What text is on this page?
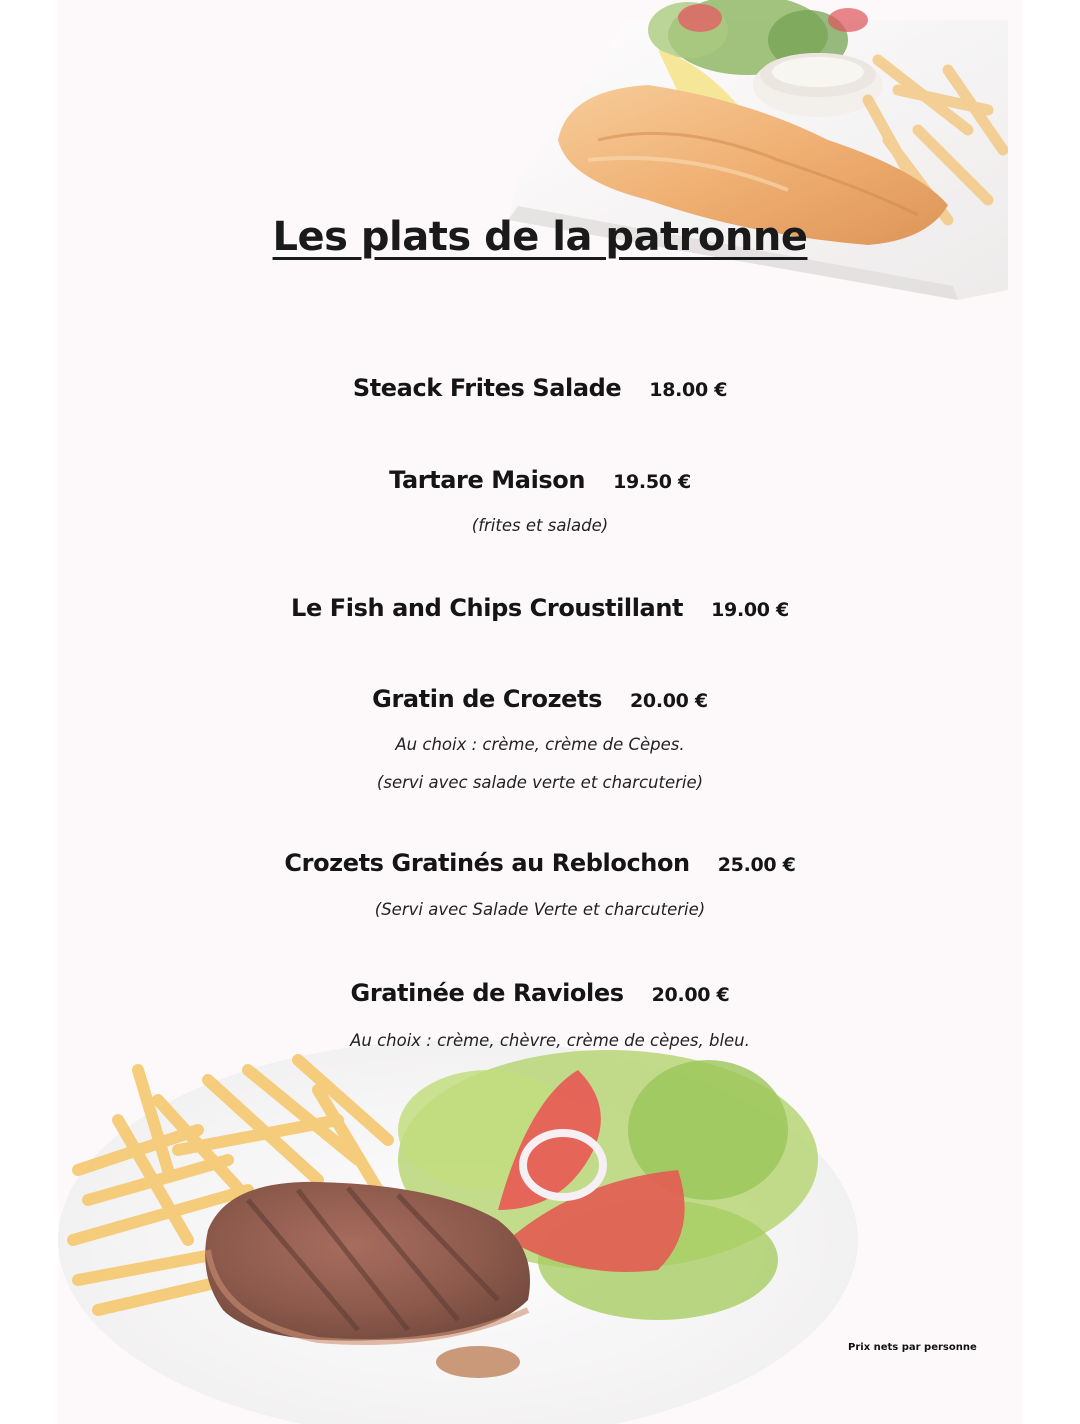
Les plats de la patronne
Steack Frites Salade 18.00 €
Tartare Maison 19.50 €
(frites et salade)
Le Fish and Chips Croustillant 19.00 €
Gratin de Crozets 20.00 €
Au choix : crème, crème de Cèpes.
(servi avec salade verte et charcuterie)
Crozets Gratinés au Reblochon 25.00 €
(Servi avec Salade Verte et charcuterie)
Gratinée de Ravioles 20.00 €
Au choix : crème, chèvre, crème de cèpes, bleu.
Prix nets par personne
